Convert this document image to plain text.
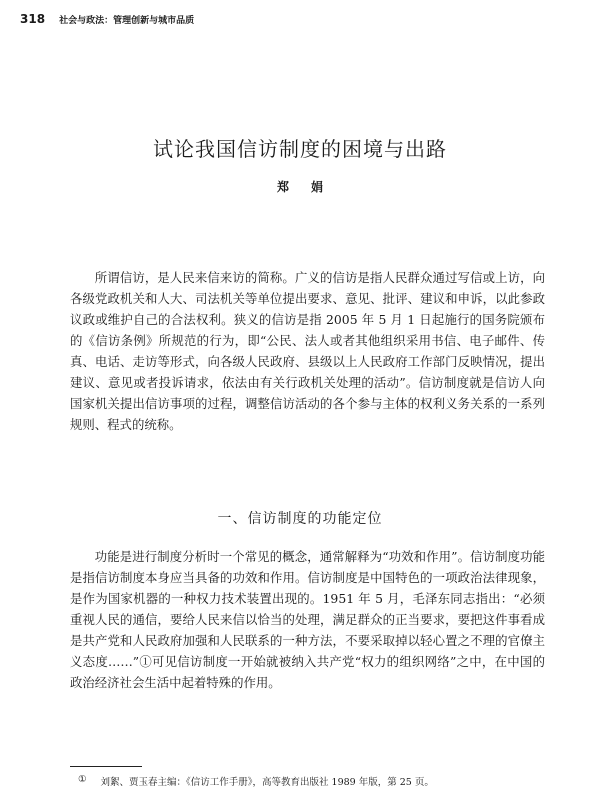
318 社会与政法：管理创新与城市品质
试论我国信访制度的困境与出路
郑娟

所谓信访，是人民来信来访的简称。广义的信访是指人民群众通过写信或上访，向各级党政机关和人大、司法机关等单位提出要求、意见、批评、建议和申诉，以此参政议政或维护自己的合法权利。狭义的信访是指 2005 年 5 月 1 日起施行的国务院颁布的《信访条例》所规范的行为，即“公民、法人或者其他组织采用书信、电子邮件、传真、电话、走访等形式，向各级人民政府、县级以上人民政府工作部门反映情况，提出建议、意见或者投诉请求，依法由有关行政机关处理的活动”。信访制度就是信访人向国家机关提出信访事项的过程，调整信访活动的各个参与主体的权利义务关系的一系列规则、程式的统称。

一、信访制度的功能定位

功能是进行制度分析时一个常见的概念，通常解释为“功效和作用”。信访制度功能是指信访制度本身应当具备的功效和作用。信访制度是中国特色的一项政治法律现象，是作为国家机器的一种权力技术装置出现的。1951 年 5 月，毛泽东同志指出：“必须重视人民的通信，要给人民来信以恰当的处理，满足群众的正当要求，要把这件事看成是共产党和人民政府加强和人民联系的一种方法，不要采取掉以轻心置之不理的官僚主义态度……”①可见信访制度一开始就被纳入共产党“权力的组织网络”之中，在中国的政治经济社会生活中起着特殊的作用。

① 刘絮、贾玉春主编：《信访工作手册》，高等教育出版社 1989 年版，第 25 页。
